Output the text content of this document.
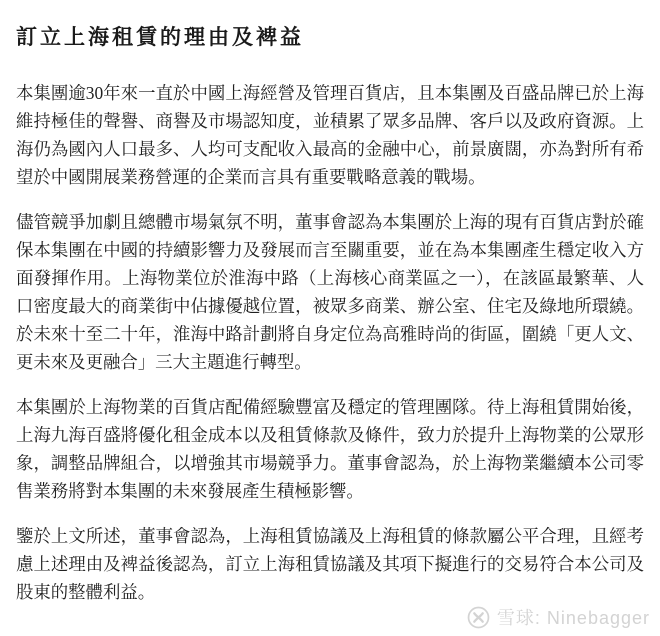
訂立上海租賃的理由及裨益

本集團逾30年來一直於中國上海經營及管理百貨店，且本集團及百盛品牌已於上海維持極佳的聲譽、商譽及市場認知度，並積累了眾多品牌、客戶以及政府資源。上海仍為國內人口最多、人均可支配收入最高的金融中心，前景廣闊，亦為對所有希望於中國開展業務營運的企業而言具有重要戰略意義的戰場。

儘管競爭加劇且總體市場氣氛不明，董事會認為本集團於上海的現有百貨店對於確保本集團在中國的持續影響力及發展而言至關重要，並在為本集團產生穩定收入方面發揮作用。上海物業位於淮海中路（上海核心商業區之一），在該區最繁華、人口密度最大的商業街中佔據優越位置，被眾多商業、辦公室、住宅及綠地所環繞。於未來十至二十年，淮海中路計劃將自身定位為高雅時尚的街區，圍繞「更人文、更未來及更融合」三大主題進行轉型。

本集團於上海物業的百貨店配備經驗豐富及穩定的管理團隊。待上海租賃開始後，上海九海百盛將優化租金成本以及租賃條款及條件，致力於提升上海物業的公眾形象，調整品牌組合，以增強其市場競爭力。董事會認為，於上海物業繼續本公司零售業務將對本集團的未來發展產生積極影響。

鑒於上文所述，董事會認為，上海租賃協議及上海租賃的條款屬公平合理，且經考慮上述理由及裨益後認為，訂立上海租賃協議及其項下擬進行的交易符合本公司及股東的整體利益。

雪球: Ninebagger
